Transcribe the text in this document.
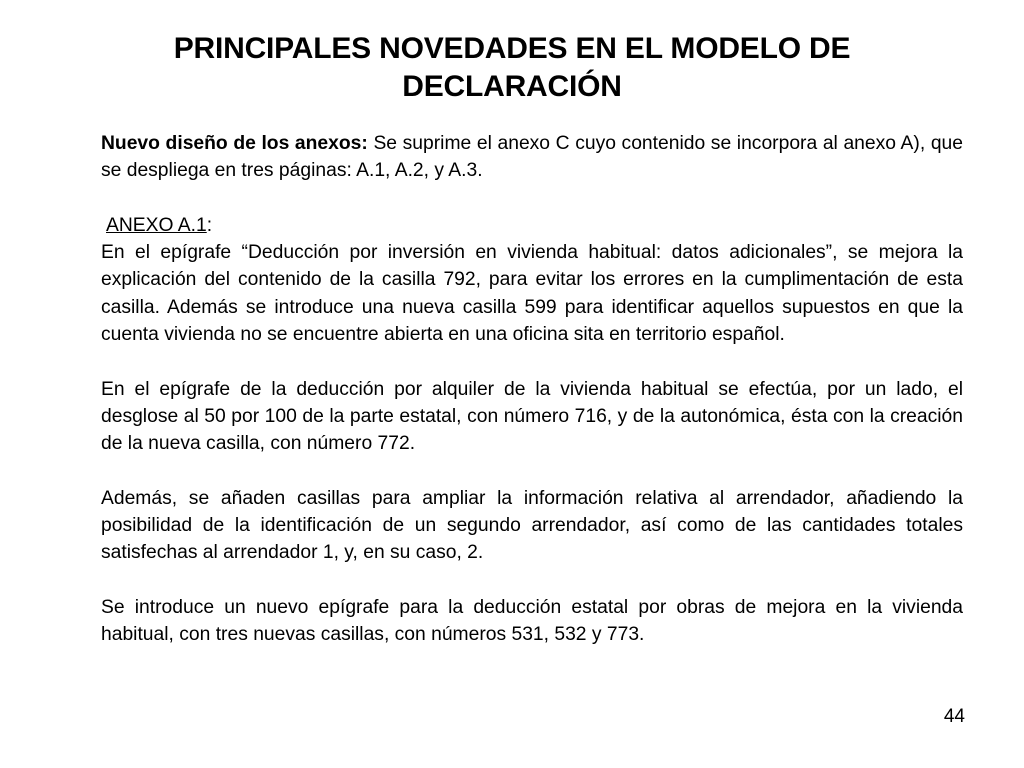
PRINCIPALES NOVEDADES EN EL MODELO DE
DECLARACIÓN

Nuevo diseño de los anexos: Se suprime el anexo C cuyo contenido se incorpora al anexo A), que se despliega en tres páginas: A.1, A.2, y A.3.

ANEXO A.1:

En el epígrafe “Deducción por inversión en vivienda habitual: datos adicionales”, se mejora la explicación del contenido de la casilla 792, para evitar los errores en la cumplimentación de esta casilla. Además se introduce una nueva casilla 599 para identificar aquellos supuestos en que la cuenta vivienda no se encuentre abierta en una oficina sita en territorio español.

En el epígrafe de la deducción por alquiler de la vivienda habitual se efectúa, por un lado, el desglose al 50 por 100 de la parte estatal, con número 716, y de la autonómica, ésta con la creación de la nueva casilla, con número 772.

Además, se añaden casillas para ampliar la información relativa al arrendador, añadiendo la posibilidad de la identificación de un segundo arrendador, así como de las cantidades totales satisfechas al arrendador 1, y, en su caso, 2.

Se introduce un nuevo epígrafe para la deducción estatal por obras de mejora en la vivienda habitual, con tres nuevas casillas, con números 531, 532 y 773.

44
